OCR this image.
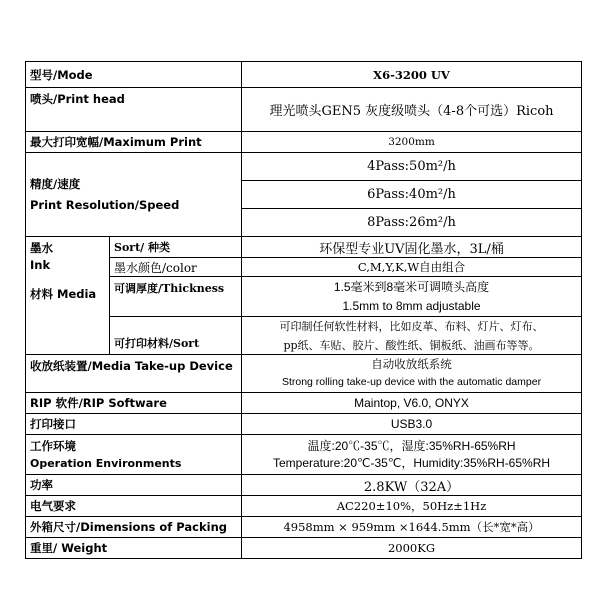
型号/Mode		X6-3200 UV
喷头/Print head		理光喷头GEN5 灰度级喷头（4-8个可选）Ricoh
最大打印宽幅/Maximum Print		3200mm

精度/速度
Print Resolution/Speed		4Pass:50m²/h
		6Pass:40m²/h
		8Pass:26m²/h

墨水
Ink
材料 Media	Sort/ 种类	环保型专业UV固化墨水，3L/桶
	墨水颜色/color	C,M,Y,K,W自由组合
	可调厚度/Thickness	1.5毫米到8毫米可调喷头高度
1.5mm to 8mm adjustable

	可打印材料/Sort	可印制任何软性材料，比如皮革、布料、灯片、灯布、
pp纸、车贴、胶片、酸性纸、铜板纸、油画布等等。

收放纸装置/Media Take-up Device		自动收放纸系统
Strong rolling take-up device with the automatic damper

RIP 软件/RIP Software		Maintop, V6.0, ONYX
打印接口		USB3.0

工作环境
Operation Environments		温度:20℃-35℃，湿度:35%RH-65%RH
Temperature:20℃-35℃，Humidity:35%RH-65%RH

功率		2.8KW（32A）
电气要求		AC220±10%，50Hz±1Hz
外箱尺寸/Dimensions of Packing		4958mm × 959mm ×1644.5mm（长*宽*高）
重里/ Weight		2000KG
